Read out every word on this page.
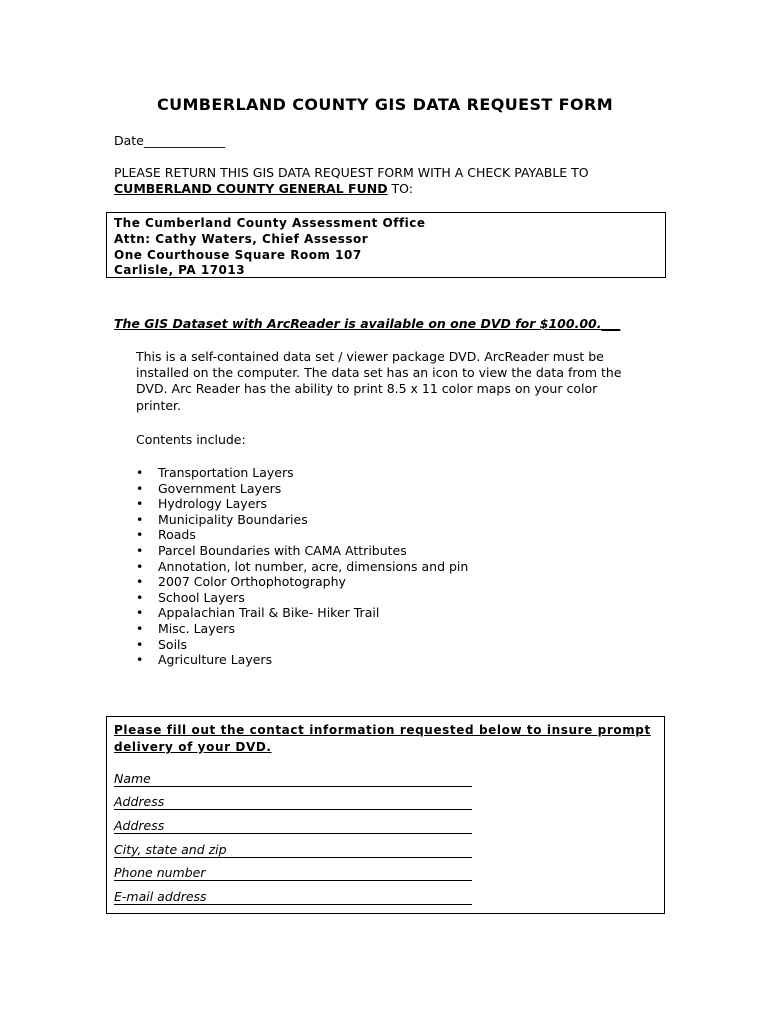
CUMBERLAND COUNTY GIS DATA REQUEST FORM
Date_____________
PLEASE RETURN THIS GIS DATA REQUEST FORM WITH A CHECK PAYABLE TO
CUMBERLAND COUNTY GENERAL FUND TO:
The Cumberland County Assessment Office
Attn: Cathy Waters, Chief Assessor
One Courthouse Square Room 107
Carlisle, PA 17013
The GIS Dataset with ArcReader is available on one DVD for $100.00.___
This is a self-contained data set / viewer package DVD. ArcReader must be installed on the computer. The data set has an icon to view the data from the DVD. Arc Reader has the ability to print 8.5 x 11 color maps on your color printer.
Contents include:
• Transportation Layers
• Government Layers
• Hydrology Layers
• Municipality Boundaries
• Roads
• Parcel Boundaries with CAMA Attributes
• Annotation, lot number, acre, dimensions and pin
• 2007 Color Orthophotography
• School Layers
• Appalachian Trail & Bike- Hiker Trail
• Misc. Layers
• Soils
• Agriculture Layers
Please fill out the contact information requested below to insure prompt delivery of your DVD.
Name
Address
Address
City, state and zip
Phone number
E-mail address
